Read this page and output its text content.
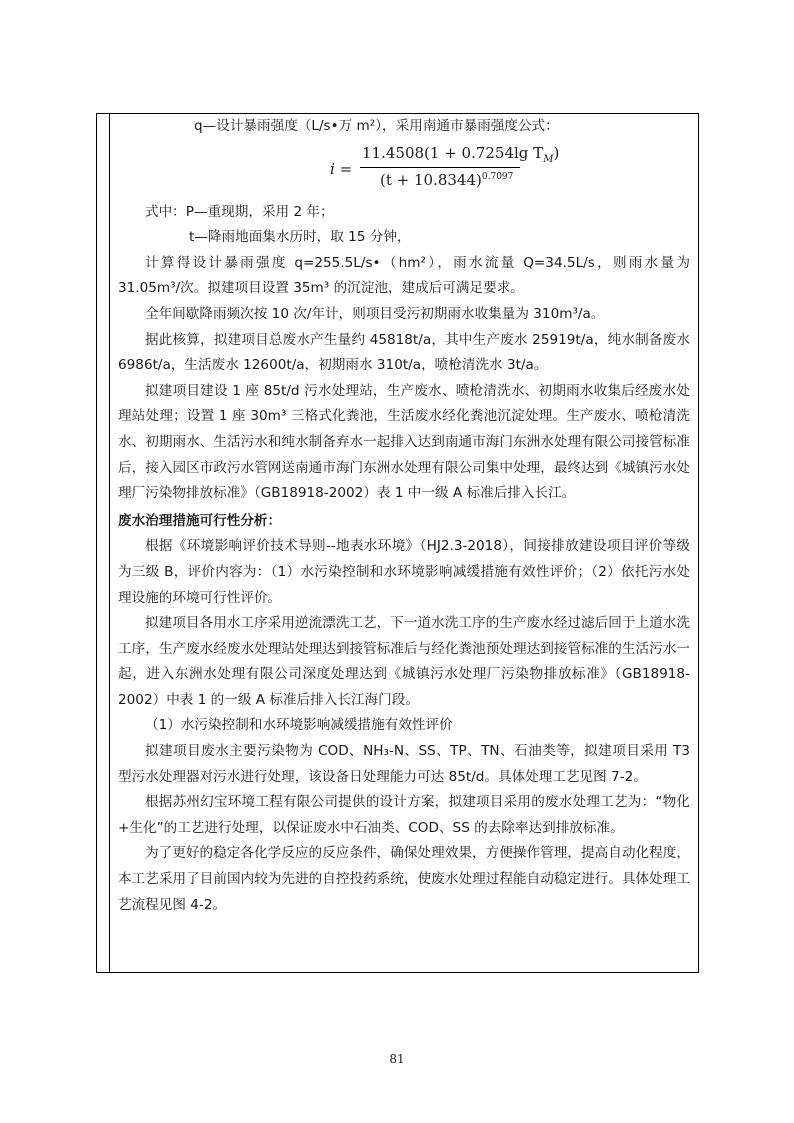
q—设计暴雨强度（L/s•万 m²），采用南通市暴雨强度公式：

i =
11.4508(1 + 0.7254lg $T_M$)
$(t + 10.8344)^{0.7097}$

式中：P—重现期，采用 2 年；

t—降雨地面集水历时，取 15 分钟，

计算得设计暴雨强度 q=255.5L/s•（hm²），雨水流量 Q=34.5L/s，则雨水量为 31.05m³/次。拟建项目设置 35m³ 的沉淀池，建成后可满足要求。

全年间歇降雨频次按 10 次/年计，则项目受污初期雨水收集量为 310m³/a。

据此核算，拟建项目总废水产生量约 45818t/a，其中生产废水 25919t/a，纯水制备废水 6986t/a，生活废水 12600t/a，初期雨水 310t/a，喷枪清洗水 3t/a。

拟建项目建设 1 座 85t/d 污水处理站，生产废水、喷枪清洗水、初期雨水收集后经废水处理站处理；设置 1 座 30m³ 三格式化粪池，生活废水经化粪池沉淀处理。生产废水、喷枪清洗水、初期雨水、生活污水和纯水制备弃水一起排入达到南通市海门东洲水处理有限公司接管标准后，接入园区市政污水管网送南通市海门东洲水处理有限公司集中处理，最终达到《城镇污水处理厂污染物排放标准》（GB18918-2002）表 1 中一级 A 标准后排入长江。

废水治理措施可行性分析：

根据《环境影响评价技术导则--地表水环境》（HJ2.3-2018），间接排放建设项目评价等级为三级 B，评价内容为：（1）水污染控制和水环境影响减缓措施有效性评价；（2）依托污水处理设施的环境可行性评价。

拟建项目各用水工序采用逆流漂洗工艺，下一道水洗工序的生产废水经过滤后回于上道水洗工序，生产废水经废水处理站处理达到接管标准后与经化粪池预处理达到接管标准的生活污水一起，进入东洲水处理有限公司深度处理达到《城镇污水处理厂污染物排放标准》（GB18918-2002）中表 1 的一级 A 标准后排入长江海门段。

（1）水污染控制和水环境影响减缓措施有效性评价

拟建项目废水主要污染物为 COD、NH₃-N、SS、TP、TN、石油类等，拟建项目采用 T3 型污水处理器对污水进行处理，该设备日处理能力可达 85t/d。具体处理工艺见图 7-2。

根据苏州幻宝环境工程有限公司提供的设计方案，拟建项目采用的废水处理工艺为：“物化+生化”的工艺进行处理，以保证废水中石油类、COD、SS 的去除率达到排放标准。

为了更好的稳定各化学反应的反应条件，确保处理效果，方便操作管理，提高自动化程度，本工艺采用了目前国内较为先进的自控投药系统，使废水处理过程能自动稳定进行。具体处理工艺流程见图 4-2。

81
